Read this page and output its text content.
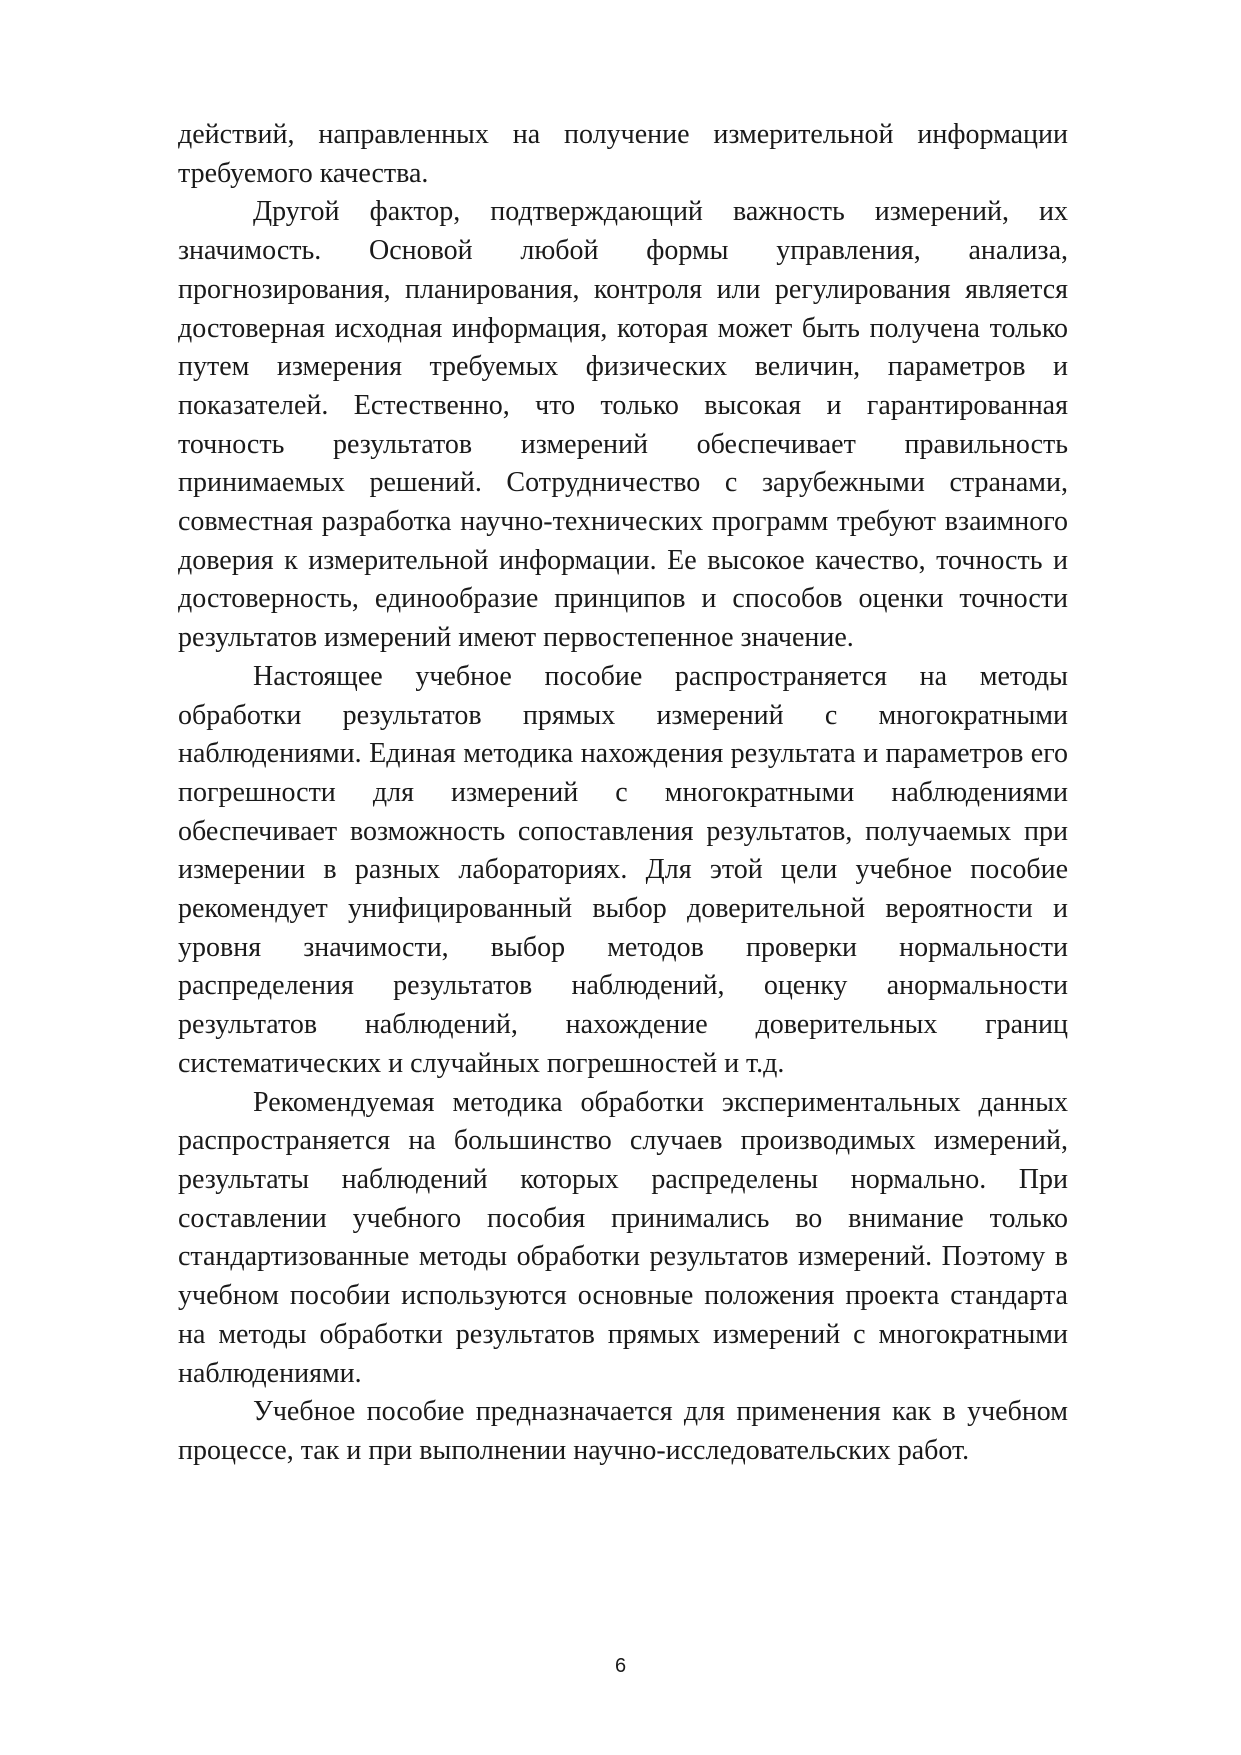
действий, направленных на получение измерительной информации требуемого качества.

Другой фактор, подтверждающий важность измерений, их значимость. Основой любой формы управления, анализа, прогнозирования, планирования, контроля или регулирования является достоверная исходная информация, которая может быть получена только путем измерения требуемых физических величин, параметров и показателей. Естественно, что только высокая и гарантированная точность результатов измерений обеспечивает правильность принимаемых решений. Сотрудничество с зарубежными странами, совместная разработка научно-технических программ требуют взаимного доверия к измерительной информации. Ее высокое качество, точность и достоверность, единообразие принципов и способов оценки точности результатов измерений имеют первостепенное значение.

Настоящее учебное пособие распространяется на методы обработки результатов прямых измерений с многократными наблюдениями. Единая методика нахождения результата и параметров его погрешности для измерений с многократными наблюдениями обеспечивает возможность сопоставления результатов, получаемых при измерении в разных лабораториях. Для этой цели учебное пособие рекомендует унифицированный выбор доверительной вероятности и уровня значимости, выбор методов проверки нормальности распределения результатов наблюдений, оценку анормальности результатов наблюдений, нахождение доверительных границ систематических и случайных погрешностей и т.д.

Рекомендуемая методика обработки экспериментальных данных распространяется на большинство случаев производимых измерений, результаты наблюдений которых распределены нормально. При составлении учебного пособия принимались во внимание только стандартизованные методы обработки результатов измерений. Поэтому в учебном пособии используются основные положения проекта стандарта на методы обработки результатов прямых измерений с многократными наблюдениями.

Учебное пособие предназначается для применения как в учебном процессе, так и при выполнении научно-исследовательских работ.

6
